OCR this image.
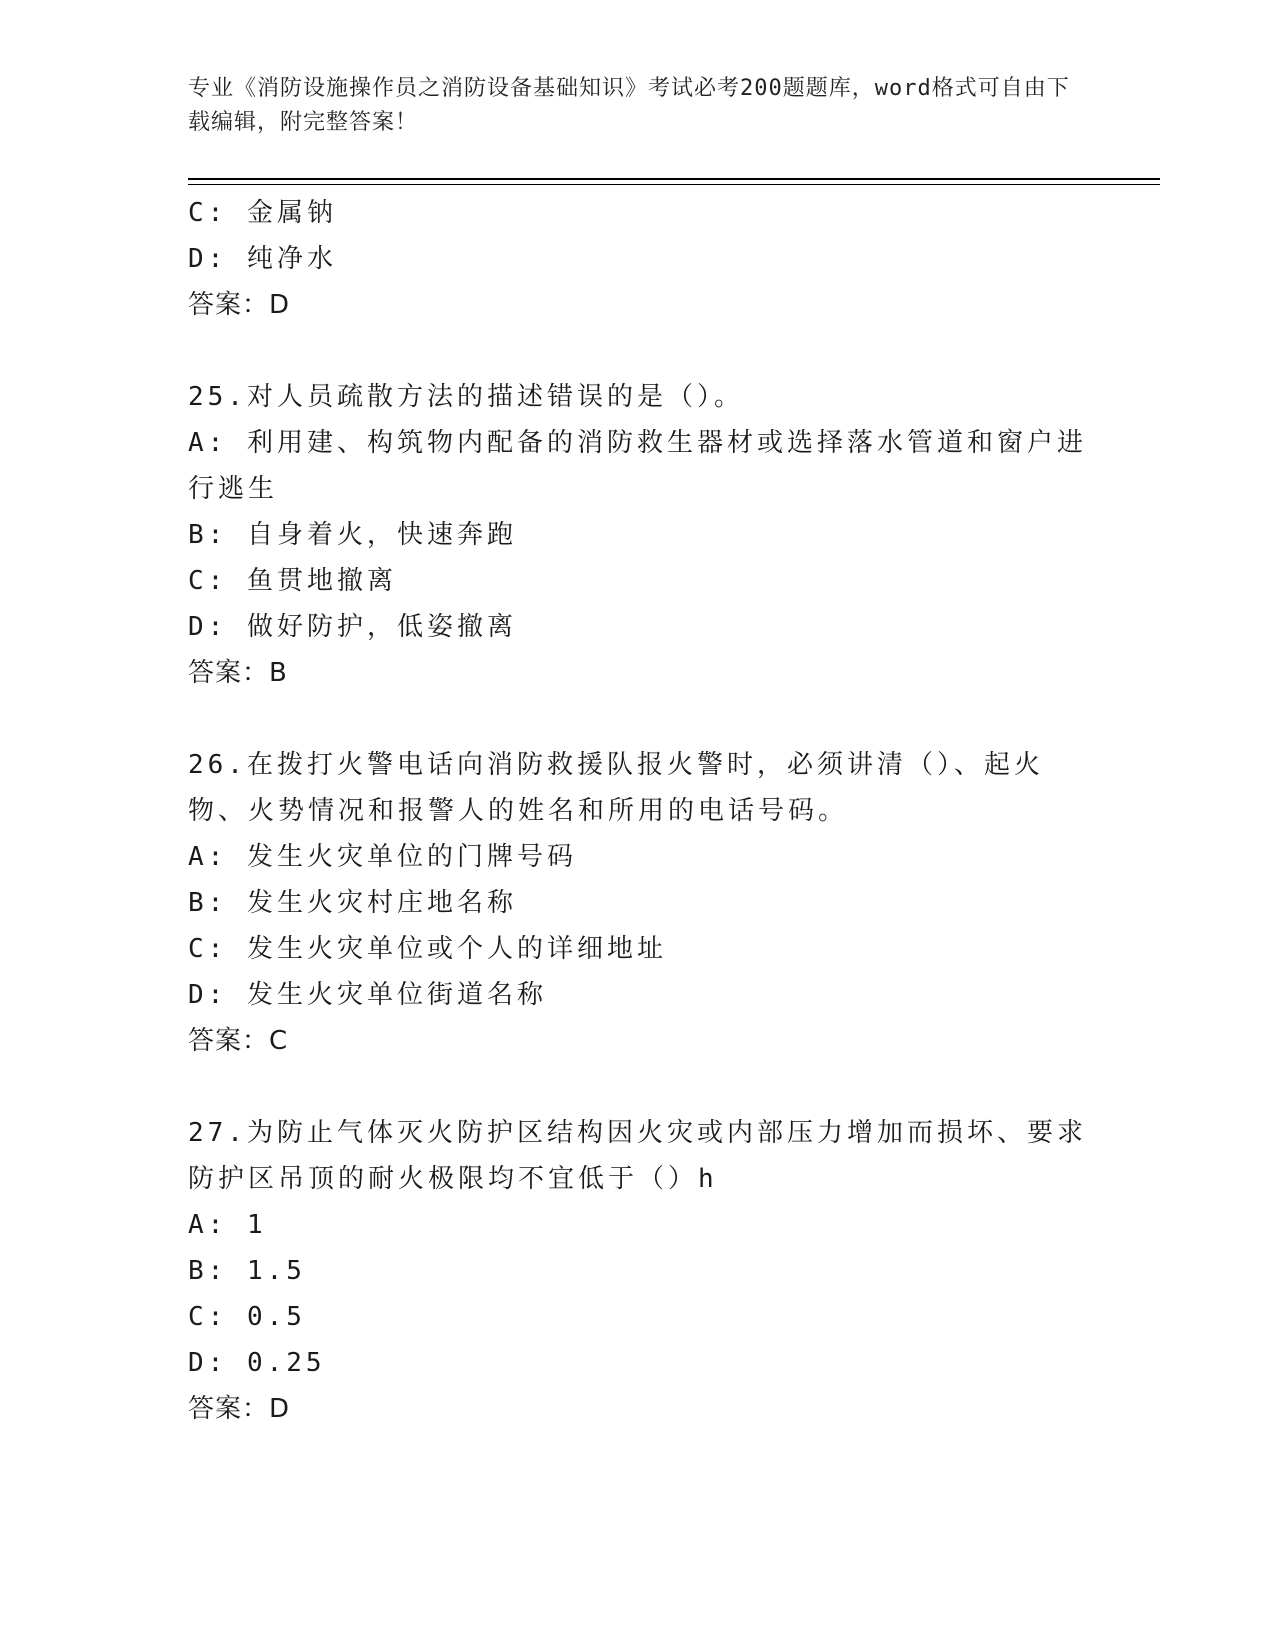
专业《消防设施操作员之消防设备基础知识》考试必考200题题库，word格式可自由下载编辑，附完整答案！
C: 金属钠
D: 纯净水
答案：D
25.对人员疏散方法的描述错误的是（）。
A: 利用建、构筑物内配备的消防救生器材或选择落水管道和窗户进行逃生
B: 自身着火，快速奔跑
C: 鱼贯地撤离
D: 做好防护，低姿撤离
答案：B
26.在拨打火警电话向消防救援队报火警时，必须讲清（）、起火物、火势情况和报警人的姓名和所用的电话号码。
A: 发生火灾单位的门牌号码
B: 发生火灾村庄地名称
C: 发生火灾单位或个人的详细地址
D: 发生火灾单位街道名称
答案：C
27.为防止气体灭火防护区结构因火灾或内部压力增加而损坏、要求防护区吊顶的耐火极限均不宜低于（）h
A: 1
B: 1.5
C: 0.5
D: 0.25
答案：D
